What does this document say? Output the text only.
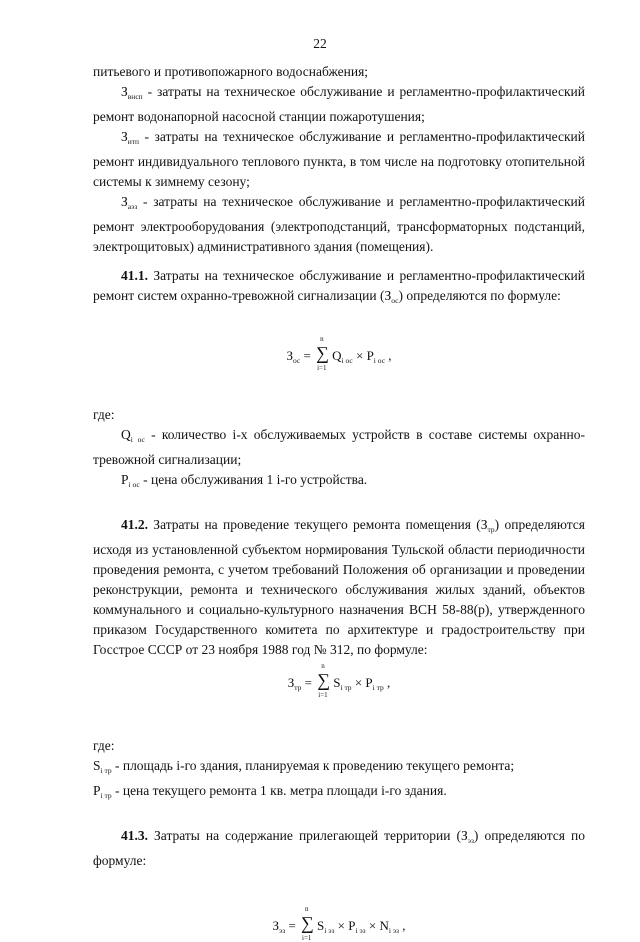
22

питьевого и противопожарного водоснабжения;

$З_{внсп}$ - затраты на техническое обслуживание и регламентно-профилактический ремонт водонапорной насосной станции пожаротушения;

$З_{итп}$ - затраты на техническое обслуживание и регламентно-профилактический ремонт индивидуального теплового пункта, в том числе на подготовку отопительной системы к зимнему сезону;

$З_{аэз}$ - затраты на техническое обслуживание и регламентно-профилактический ремонт электрооборудования (электроподстанций, трансформаторных подстанций, электрощитовых) административного здания (помещения).

41.1. Затраты на техническое обслуживание и регламентно-профилактический ремонт систем охранно-тревожной сигнализации $(З_{ос})$ определяются по формуле:

$З_{ос}$ =
n
∑
i=1
$Q_{i ос} \times P_{i ос}$ ,

где:

$Q_{i ос}$ - количество i-х обслуживаемых устройств в составе системы охранно-тревожной сигнализации;

$P_{i ос}$ - цена обслуживания 1 i-го устройства.

41.2. Затраты на проведение текущего ремонта помещения $(З_{тр})$ определяются исходя из установленной субъектом нормирования Тульской области периодичности проведения ремонта, с учетом требований Положения об организации и проведении реконструкции, ремонта и технического обслуживания жилых зданий, объектов коммунального и социально-культурного назначения ВСН 58-88(р), утвержденного приказом Государственного комитета по архитектуре и градостроительству при Госстрое СССР от 23 ноября 1988 год № 312, по формуле:

$З_{тр}$ =
n
∑
i=1
$S_{i тр} \times P_{i тр}$ ,

где:

$S_{i тр}$ - площадь i-го здания, планируемая к проведению текущего ремонта;

$P_{i тр}$ - цена текущего ремонта 1 кв. метра площади i-го здания.

41.3. Затраты на содержание прилегающей территории $(З_{эз})$ определяются по формуле:

$З_{эз}$ =
n
∑
i=1
$S_{i эз} \times P_{i эз} \times N_{i эз}$ ,
